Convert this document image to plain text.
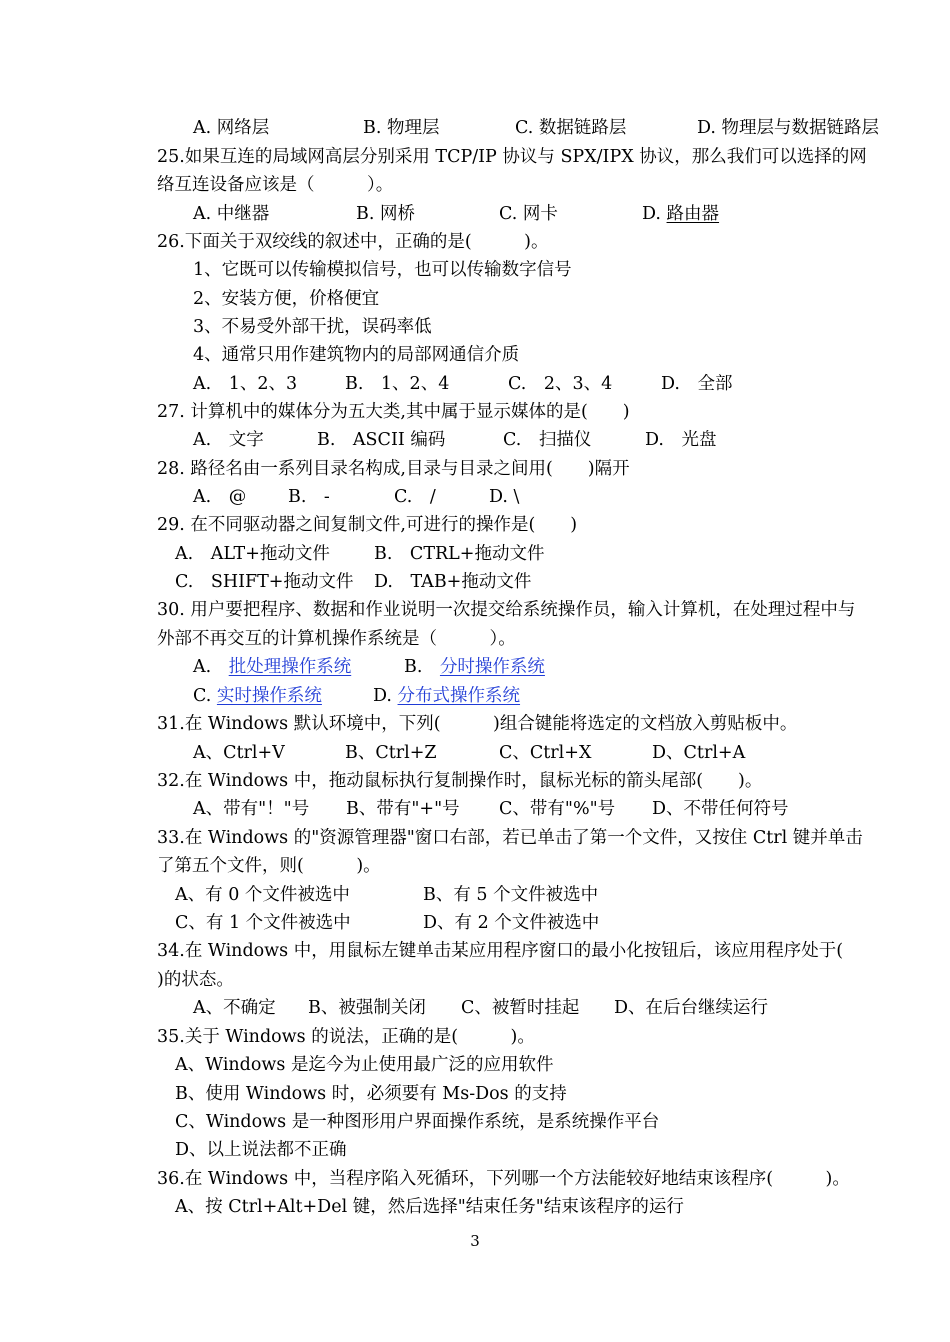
A. 网络层	B. 物理层	C. 数据链路层	D. 物理层与数据链路层
25.如果互连的局域网高层分别采用 TCP/IP 协议与 SPX/IPX 协议，那么我们可以选择的网
络互连设备应该是（　　　）。
A. 中继器	B. 网桥	C. 网卡	D. 路由器
26.下面关于双绞线的叙述中，正确的是(　　　)。
1、它既可以传输模拟信号，也可以传输数字信号
2、安装方便，价格便宜
3、不易受外部干扰，误码率低
4、通常只用作建筑物内的局部网通信介质
A.　1、2、3	B.　1、2、4	C.　2、3、4	D.　全部
27. 计算机中的媒体分为五大类,其中属于显示媒体的是(　　)
A.　文字	B.　ASCII 编码	C.　扫描仪	D.　光盘
28. 路径名由一系列目录名构成,目录与目录之间用(　　)隔开
A.　@	B.　-	C.　/	D. \
29. 在不同驱动器之间复制文件,可进行的操作是(　　)
A.　ALT+拖动文件	B.　CTRL+拖动文件
C.　SHIFT+拖动文件	D.　TAB+拖动文件
30. 用户要把程序、数据和作业说明一次提交给系统操作员，输入计算机，在处理过程中与
外部不再交互的计算机操作系统是（　　　）。
A.　批处理操作系统	B.　分时操作系统
C. 实时操作系统	D. 分布式操作系统
31.在 Windows 默认环境中，下列(　　　)组合键能将选定的文档放入剪贴板中。
A、Ctrl+V	B、Ctrl+Z	C、Ctrl+X	D、Ctrl+A
32.在 Windows 中，拖动鼠标执行复制操作时，鼠标光标的箭头尾部(　　)。
A、带有"！"号	B、带有"+"号	C、带有"%"号	D、不带任何符号
33.在 Windows 的"资源管理器"窗口右部，若已单击了第一个文件，又按住 Ctrl 键并单击
了第五个文件，则(　　　)。
A、有 0 个文件被选中	B、有 5 个文件被选中
C、有 1 个文件被选中	D、有 2 个文件被选中
34.在 Windows 中，用鼠标左键单击某应用程序窗口的最小化按钮后，该应用程序处于(
)的状态。
A、不确定	B、被强制关闭	C、被暂时挂起	D、在后台继续运行
35.关于 Windows 的说法，正确的是(　　　)。
A、Windows 是迄今为止使用最广泛的应用软件
B、使用 Windows 时，必须要有 Ms-Dos 的支持
C、Windows 是一种图形用户界面操作系统，是系统操作平台
D、以上说法都不正确
36.在 Windows 中，当程序陷入死循环，下列哪一个方法能较好地结束该程序(　　　)。
A、按 Ctrl+Alt+Del 键，然后选择"结束任务"结束该程序的运行
3
